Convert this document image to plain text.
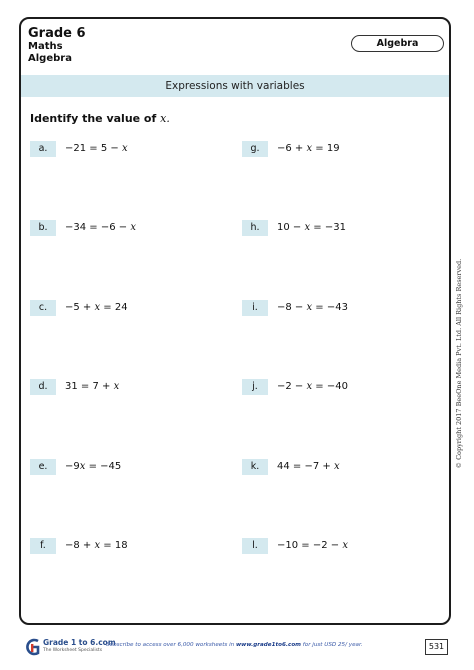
Grade 6
Maths
Algebra
Algebra
Expressions with variables
Identify the value of x.
a.	−21 = 5 − x
b.	−34 = −6 − x
c.	−5 + x = 24
d.	31 = 7 + x
e.	−9x = −45
f.	−8 + x = 18
g.	−6 + x = 19
h.	10 − x = −31
i.	−8 − x = −43
j.	−2 − x = −40
k.	44 = −7 + x
l.	−10 = −2 − x
© Copyright 2017 BeeOne Media Pvt. Ltd. All Rights Reserved.
Grade 1 to 6.com
The Worksheet Specialists
Subscribe to access over 6,000 worksheets in www.grade1to6.com for just USD 25/ year.	531
